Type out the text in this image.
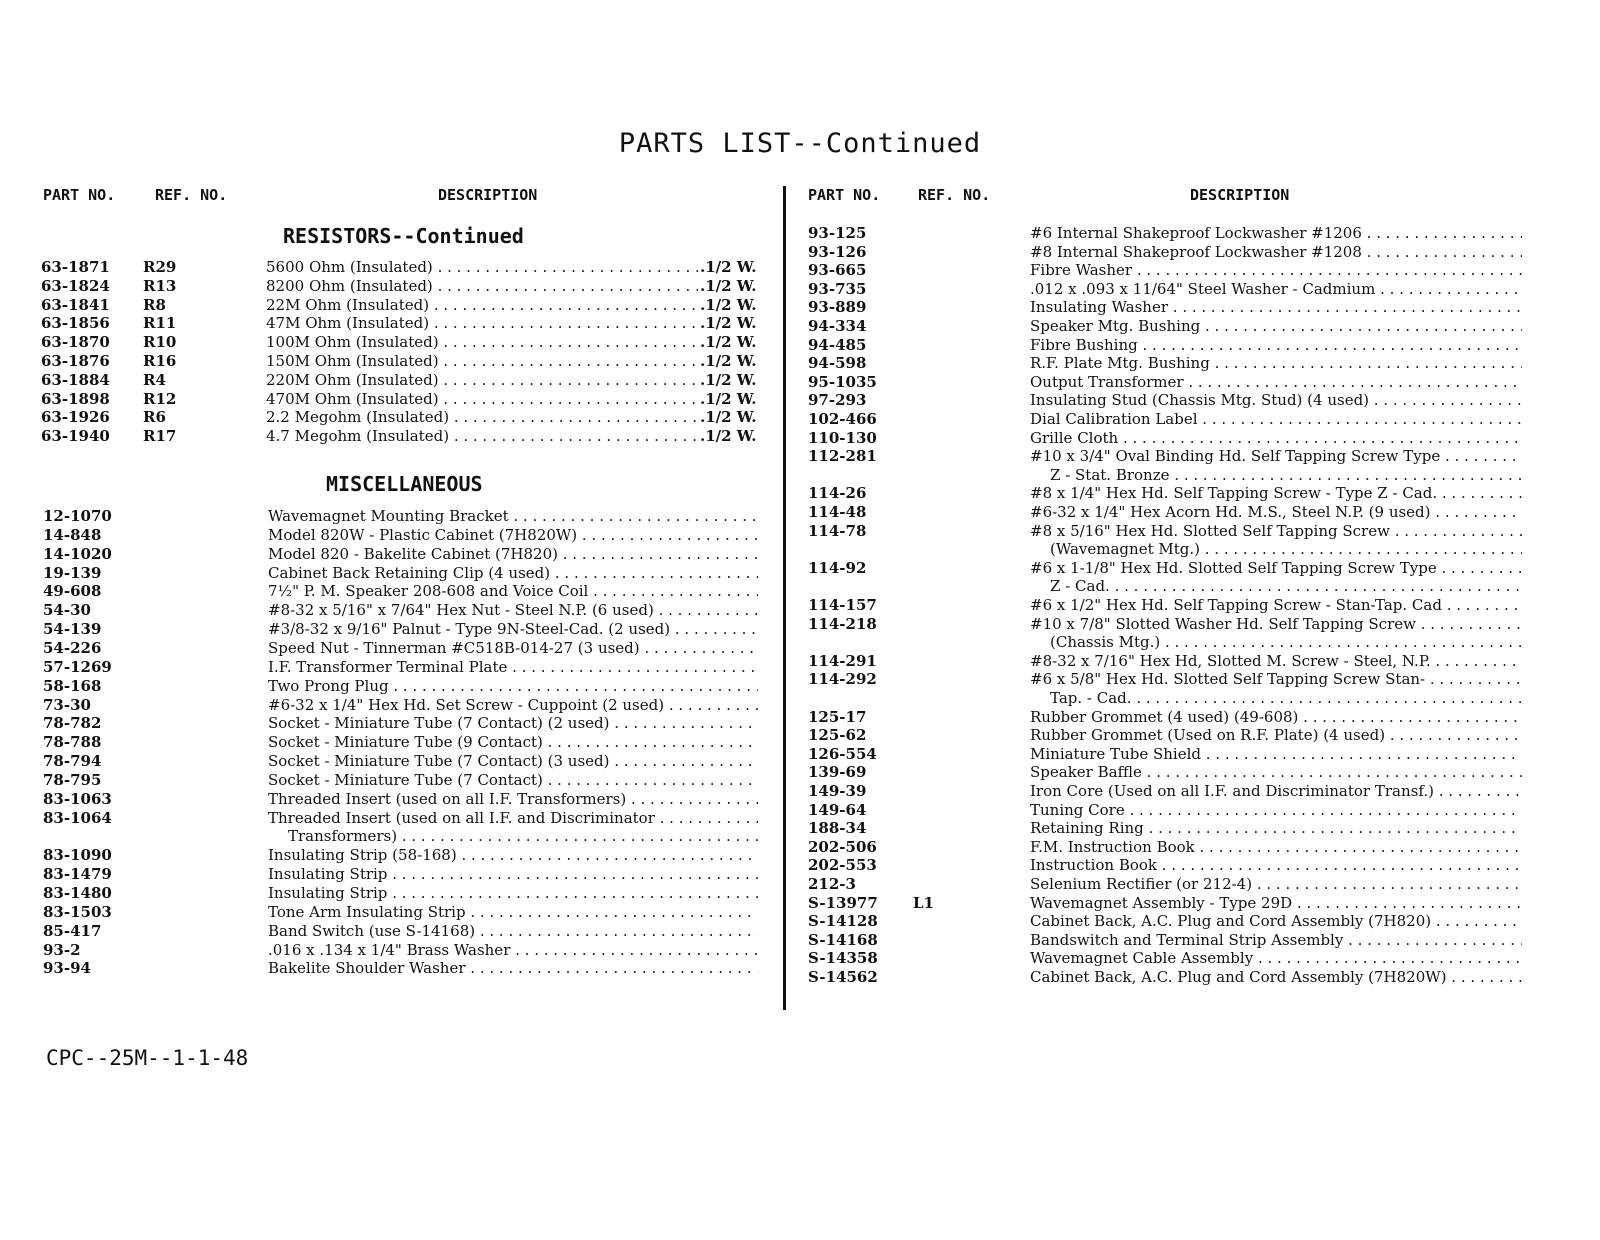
PARTS LIST--Continued
PART NO.	REF. NO.	DESCRIPTION	PART NO.	REF. NO.	DESCRIPTION
RESISTORS--Continued
MISCELLANEOUS
63-1871 R29	5600 Ohm (Insulated) . . .	.1/2 W.
63-1824 R13	8200 Ohm (Insulated) . . .	.1/2 W.
63-1841 R8	22M Ohm (Insulated) . . .	.1/2 W.
63-1856 R11	47M Ohm (Insulated) . . .	.1/2 W.
63-1870 R10	100M Ohm (Insulated) . . .	.1/2 W.
63-1876 R16	150M Ohm (Insulated) . . .	.1/2 W.
63-1884 R4	220M Ohm (Insulated) . . .	.1/2 W.
63-1898 R12	470M Ohm (Insulated) . . .	.1/2 W.
63-1926 R6	2.2 Megohm (Insulated) . . .	.1/2 W.
63-1940 R17	4.7 Megohm (Insulated) . . .	.1/2 W.
12-1070	Wavemagnet Mounting Bracket . . .
14-848	Model 820W - Plastic Cabinet (7H820W) . . .
14-1020	Model 820 - Bakelite Cabinet (7H820) . . .
19-139	Cabinet Back Retaining Clip (4 used) . . .
49-608	7½" P. M. Speaker 208-608 and Voice Coil . . .
54-30	#8-32 x 5/16" x 7/64" Hex Nut - Steel N.P. (6 used) . . .
54-139	#3/8-32 x 9/16" Palnut - Type 9N-Steel-Cad. (2 used) . . .
54-226	Speed Nut - Tinnerman #C518B-014-27 (3 used) . . .
57-1269	I.F. Transformer Terminal Plate . . .
58-168	Two Prong Plug . . .
73-30	#6-32 x 1/4" Hex Hd. Set Screw - Cuppoint (2 used) . . .
78-782	Socket - Miniature Tube (7 Contact) (2 used) . . .
78-788	Socket - Miniature Tube (9 Contact) . . .
78-794	Socket - Miniature Tube (7 Contact) (3 used) . . .
78-795	Socket - Miniature Tube (7 Contact) . . .
83-1063	Threaded Insert (used on all I.F. Transformers) . . .
83-1064	Threaded Insert (used on all I.F. and Discriminator . . .
Transformers) . . .
83-1090	Insulating Strip (58-168) . . .
83-1479	Insulating Strip . . .
83-1480	Insulating Strip . . .
83-1503	Tone Arm Insulating Strip . . .
85-417	Band Switch (use S-14168) . . .
93-2	.016 x .134 x 1/4" Brass Washer . . .
93-94	Bakelite Shoulder Washer . . .
93-125	#6 Internal Shakeproof Lockwasher #1206 . . .
93-126	#8 Internal Shakeproof Lockwasher #1208 . . .
93-665	Fibre Washer . . .
93-735	.012 x .093 x 11/64" Steel Washer - Cadmium . . .
93-889	Insulating Washer . . .
94-334	Speaker Mtg. Bushing . . .
94-485	Fibre Bushing . . .
94-598	R.F. Plate Mtg. Bushing . . .
95-1035	Output Transformer . . .
97-293	Insulating Stud (Chassis Mtg. Stud) (4 used) . . .
102-466	Dial Calibration Label . . .
110-130	Grille Cloth . . .
112-281	#10 x 3/4" Oval Binding Hd. Self Tapping Screw Type . . .
Z - Stat. Bronze . . .
114-26	#8 x 1/4" Hex Hd. Self Tapping Screw - Type Z - Cad. . . .
114-48	#6-32 x 1/4" Hex Acorn Hd. M.S., Steel N.P. (9 used) . . .
114-78	#8 x 5/16" Hex Hd. Slotted Self Tapping Screw . . .
(Wavemagnet Mtg.) . . .
114-92	#6 x 1-1/8" Hex Hd. Slotted Self Tapping Screw Type . . .
Z - Cad. . . .
114-157	#6 x 1/2" Hex Hd. Self Tapping Screw - Stan-Tap. Cad . . .
114-218	#10 x 7/8" Slotted Washer Hd. Self Tapping Screw . . .
(Chassis Mtg.) . . .
114-291	#8-32 x 7/16" Hex Hd, Slotted M. Screw - Steel, N.P. . . .
114-292	#6 x 5/8" Hex Hd. Slotted Self Tapping Screw Stan- . . .
Tap. - Cad. . . .
125-17	Rubber Grommet (4 used) (49-608) . . .
125-62	Rubber Grommet (Used on R.F. Plate) (4 used) . . .
126-554	Miniature Tube Shield . . .
139-69	Speaker Baffle . . .
149-39	Iron Core (Used on all I.F. and Discriminator Transf.) . . .
149-64	Tuning Core . . .
188-34	Retaining Ring . . .
202-506	F.M. Instruction Book . . .
202-553	Instruction Book . . .
212-3	Selenium Rectifier (or 212-4) . . .
S-13977 L1	Wavemagnet Assembly - Type 29D . . .
S-14128	Cabinet Back, A.C. Plug and Cord Assembly (7H820) . . .
S-14168	Bandswitch and Terminal Strip Assembly . . .
S-14358	Wavemagnet Cable Assembly . . .
S-14562	Cabinet Back, A.C. Plug and Cord Assembly (7H820W) . . .
CPC--25M--1-1-48
